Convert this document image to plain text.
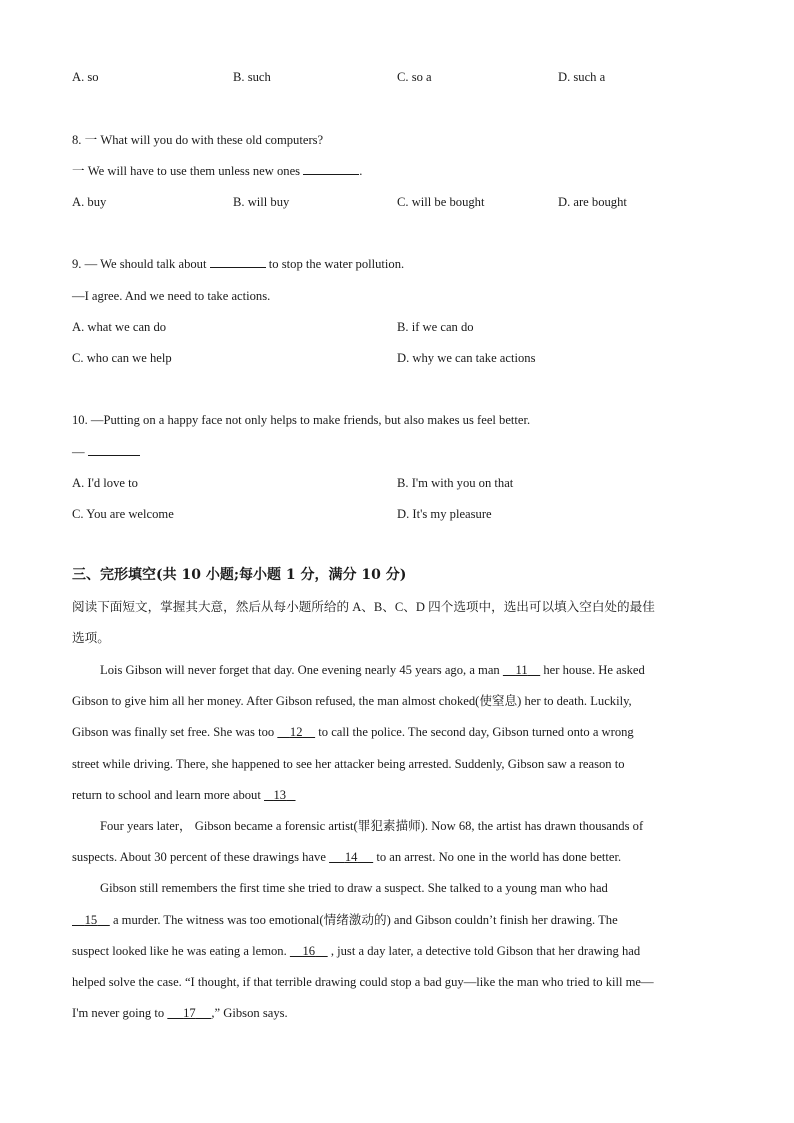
A. so	B. such	C. so a	D. such a
8. 一 What will you do with these old computers?
一 We will have to use them unless new ones	.
A. buy	B. will buy	C. will be bought	D. are bought
9. — We should talk about	to stop the water pollution.
—I agree. And we need to take actions.
A. what we can do	B. if we can do
C. who can we help	D. why we can take actions
10. —Putting on a happy face not only helps to make friends, but also makes us feel better.
—
A. I'd love to	B. I'm with you on that
C. You are welcome	D. It's my pleasure
三、完形填空(共 10 小题;每小题 1 分，满分 10 分)
阅读下面短文，掌握其大意，然后从每小题所给的 A、B、C、D 四个选项中，选出可以填入空白处的最佳
选项。
Lois Gibson will never forget that day. One evening nearly 45 years ago, a man 11 her house. He asked
Gibson to give him all her money. After Gibson refused, the man almost choked(使窒息) her to death. Luckily,
Gibson was finally set free. She was too 12 to call the police. The second day, Gibson turned onto a wrong
street while driving. There, she happened to see her attacker being arrested. Suddenly, Gibson saw a reason to
return to school and learn more about 13
Four years later， Gibson became a forensic artist(罪犯素描师). Now 68, the artist has drawn thousands of
suspects. About 30 percent of these drawings have 14 to an arrest. No one in the world has done better.
Gibson still remembers the first time she tried to draw a suspect. She talked to a young man who had
15 a murder. The witness was too emotional(情绪激动的) and Gibson couldn’t finish her drawing. The
suspect looked like he was eating a lemon. 16 , just a day later, a detective told Gibson that her drawing had
helped solve the case. “I thought, if that terrible drawing could stop a bad guy—like the man who tried to kill me—
I'm never going to 17 ,” Gibson says.
